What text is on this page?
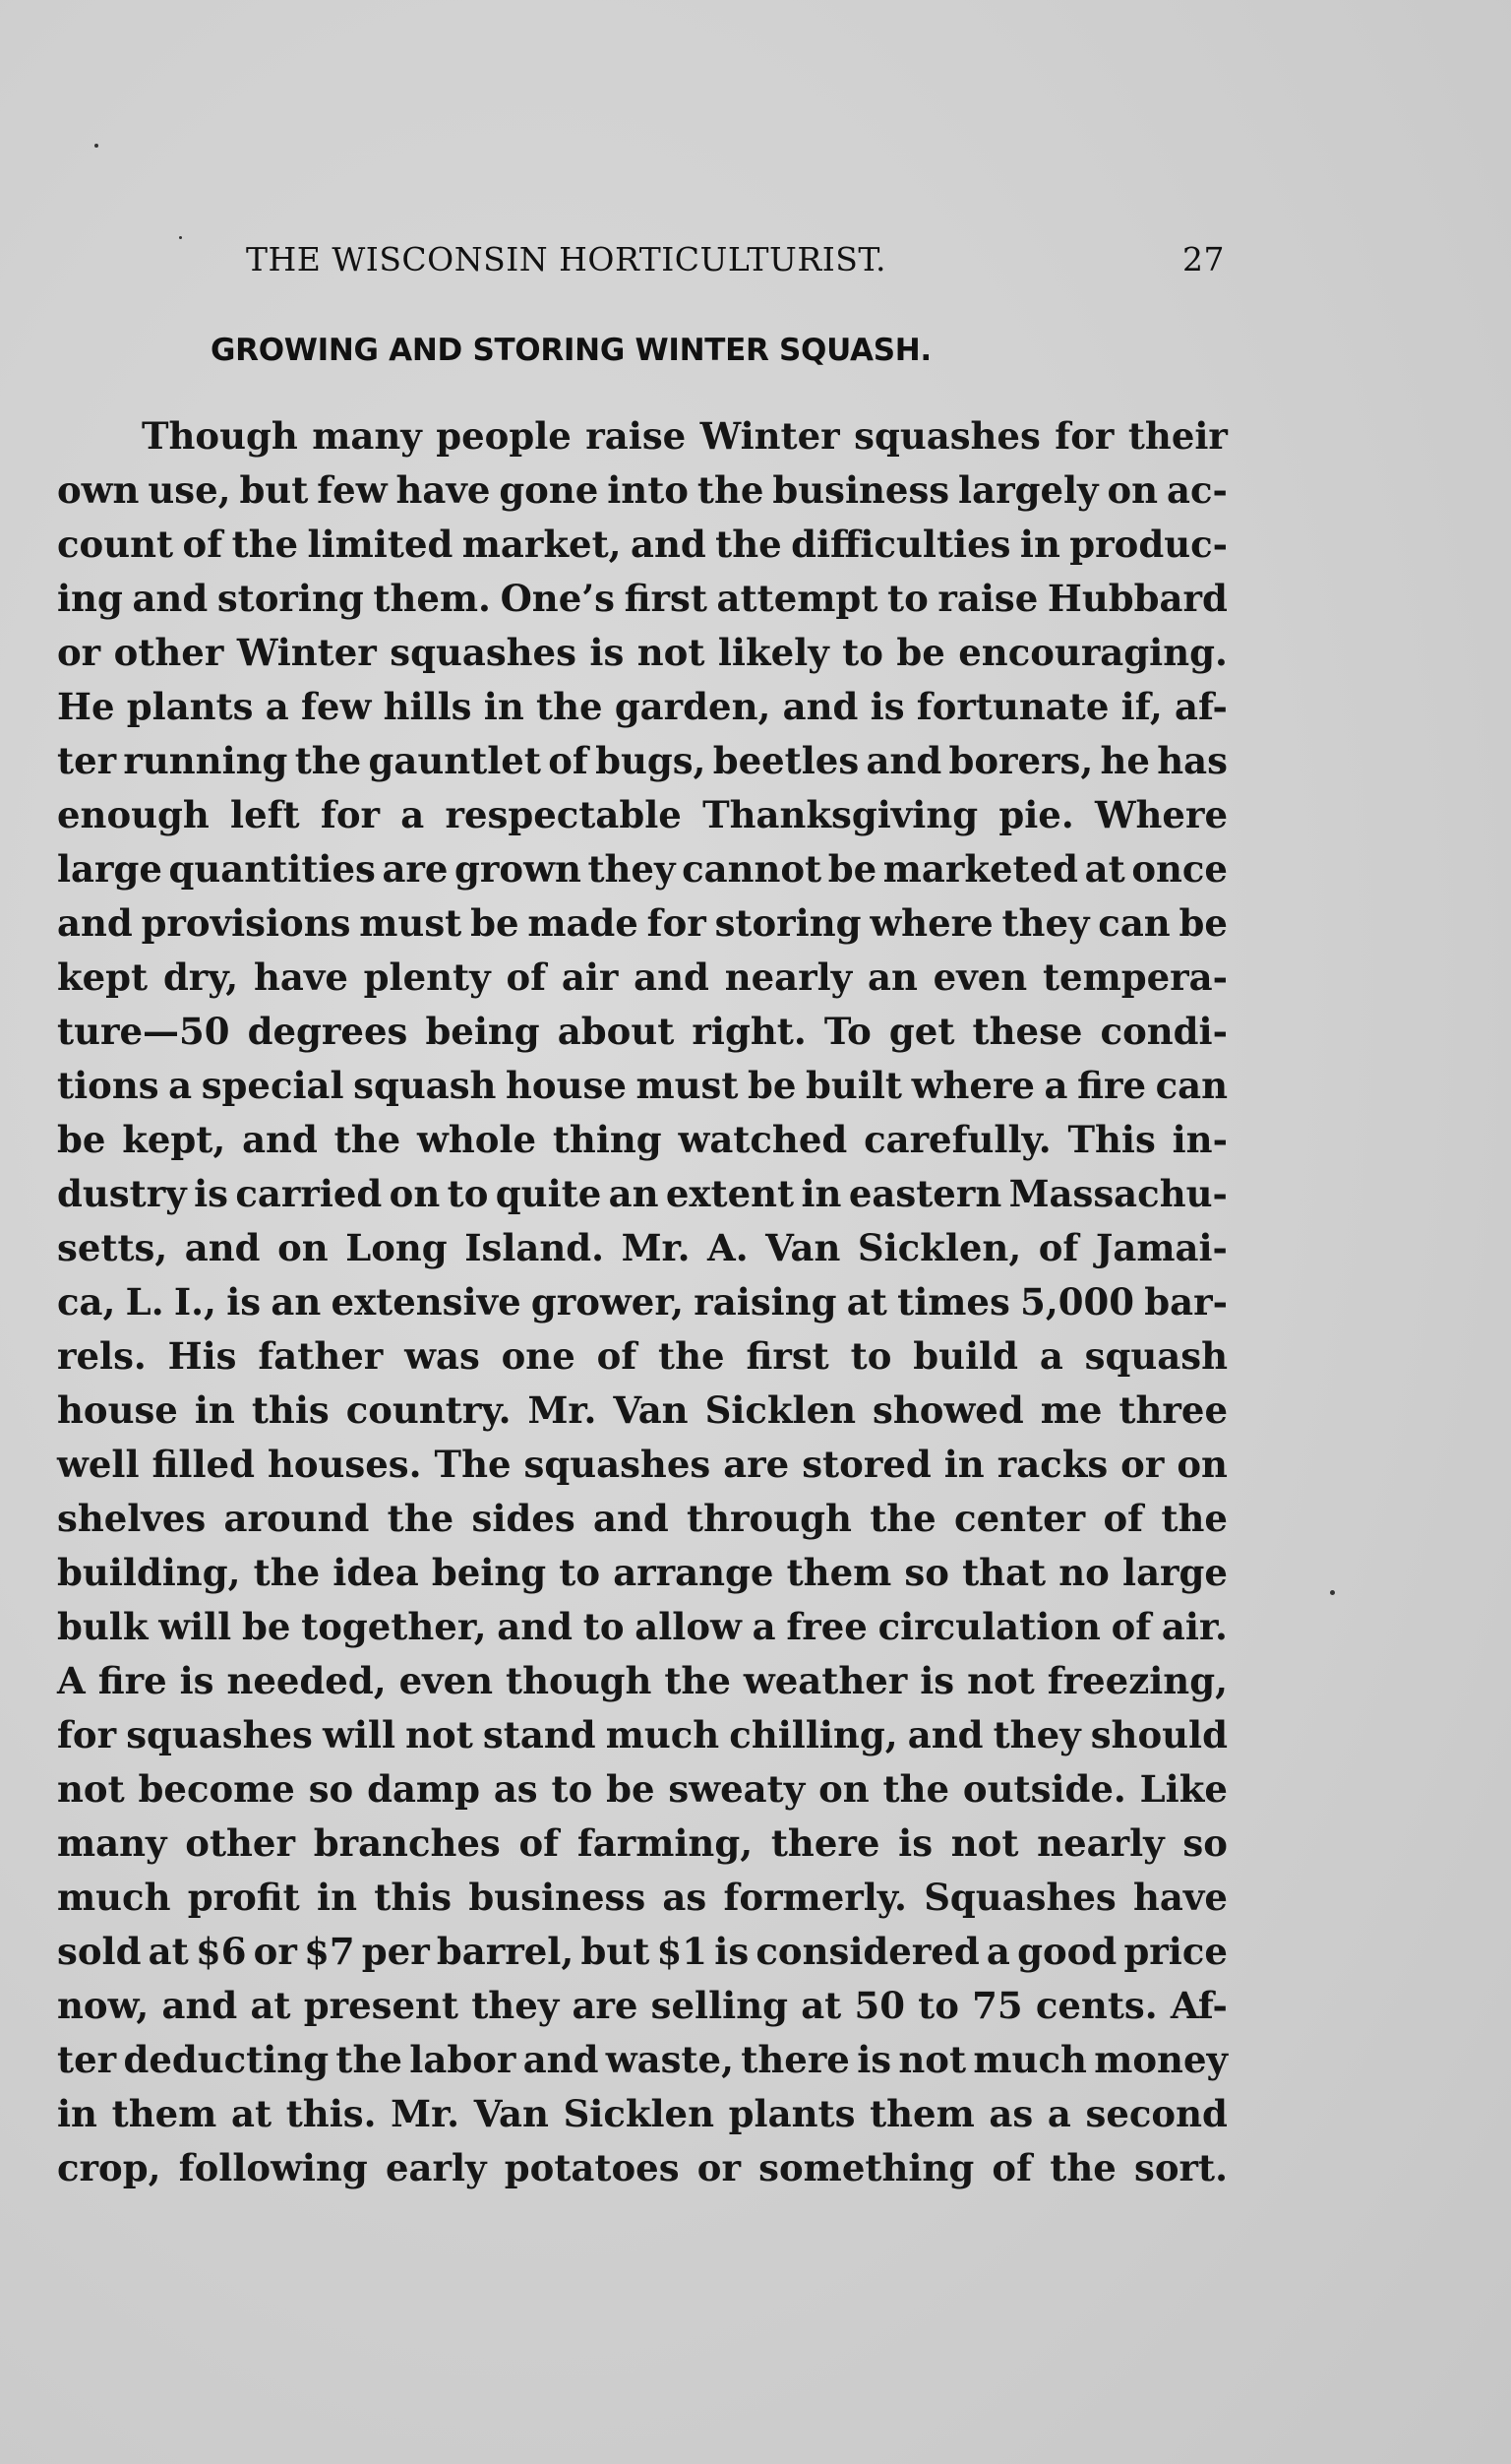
THE WISCONSIN HORTICULTURIST.	27
GROWING AND STORING WINTER SQUASH.
Though many people raise Winter squashes for their
own use, but few have gone into the business largely on ac-
count of the limited market, and the difficulties in produc-
ing and storing them. One’s first attempt to raise Hubbard
or other Winter squashes is not likely to be encouraging.
He plants a few hills in the garden, and is fortunate if, af-
ter running the gauntlet of bugs, beetles and borers, he has
enough left for a respectable Thanksgiving pie. Where
large quantities are grown they cannot be marketed at once
and provisions must be made for storing where they can be
kept dry, have plenty of air and nearly an even tempera-
ture—50 degrees being about right. To get these condi-
tions a special squash house must be built where a fire can
be kept, and the whole thing watched carefully. This in-
dustry is carried on to quite an extent in eastern Massachu-
setts, and on Long Island. Mr. A. Van Sicklen, of Jamai-
ca, L. I., is an extensive grower, raising at times 5,000 bar-
rels. His father was one of the first to build a squash
house in this country. Mr. Van Sicklen showed me three
well filled houses. The squashes are stored in racks or on
shelves around the sides and through the center of the
building, the idea being to arrange them so that no large
bulk will be together, and to allow a free circulation of air.
A fire is needed, even though the weather is not freezing,
for squashes will not stand much chilling, and they should
not become so damp as to be sweaty on the outside. Like
many other branches of farming, there is not nearly so
much profit in this business as formerly. Squashes have
sold at $6 or $7 per barrel, but $1 is considered a good price
now, and at present they are selling at 50 to 75 cents. Af-
ter deducting the labor and waste, there is not much money
in them at this. Mr. Van Sicklen plants them as a second
crop, following early potatoes or something of the sort.
